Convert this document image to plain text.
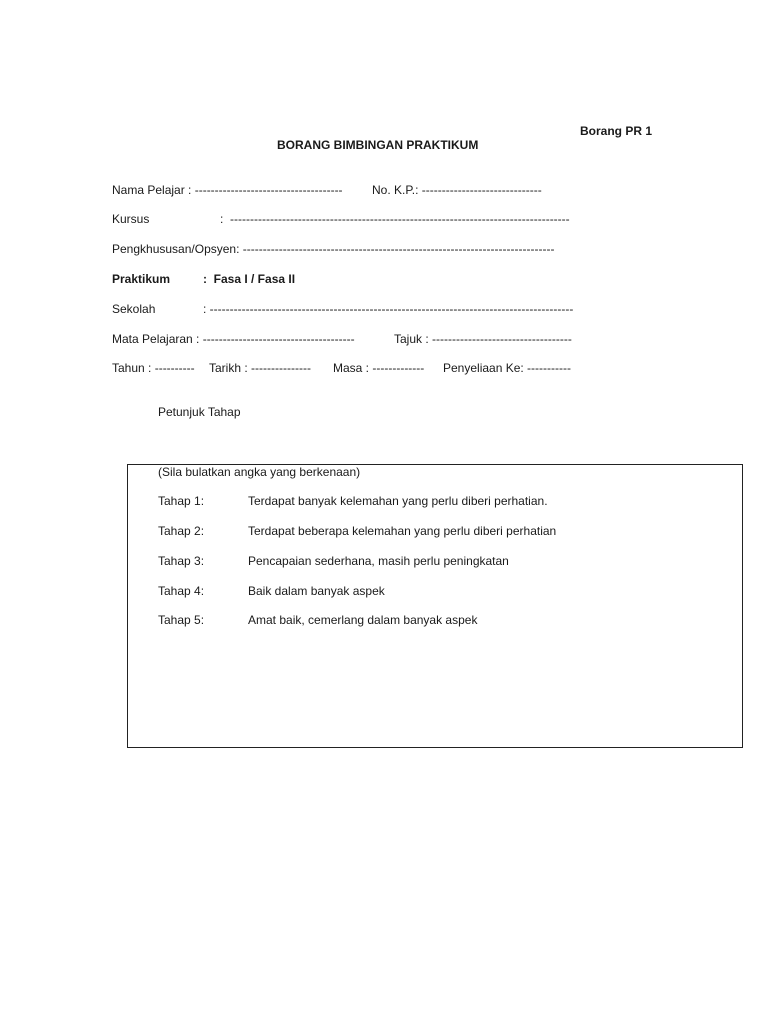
Borang PR 1
BORANG BIMBINGAN PRAKTIKUM
Nama Pelajar : ------------------------------------- No. K.P.: ------------------------------
Kursus	:  -------------------------------------------------------------------------------------
Pengkhususan/Opsyen: ------------------------------------------------------------------------------
Praktikum	:  Fasa I / Fasa II
Sekolah	: -------------------------------------------------------------------------------------------
Mata Pelajaran : --------------------------------------	Tajuk : -----------------------------------
Tahun : ---------- Tarikh : --------------- Masa : ------------- Penyeliaan Ke: -----------
Petunjuk Tahap
(Sila bulatkan angka yang berkenaan)
Tahap 1:	Terdapat banyak kelemahan yang perlu diberi perhatian.
Tahap 2:	Terdapat beberapa kelemahan yang perlu diberi perhatian
Tahap 3:	Pencapaian sederhana, masih perlu peningkatan
Tahap 4:	Baik dalam banyak aspek
Tahap 5:	Amat baik, cemerlang dalam banyak aspek
